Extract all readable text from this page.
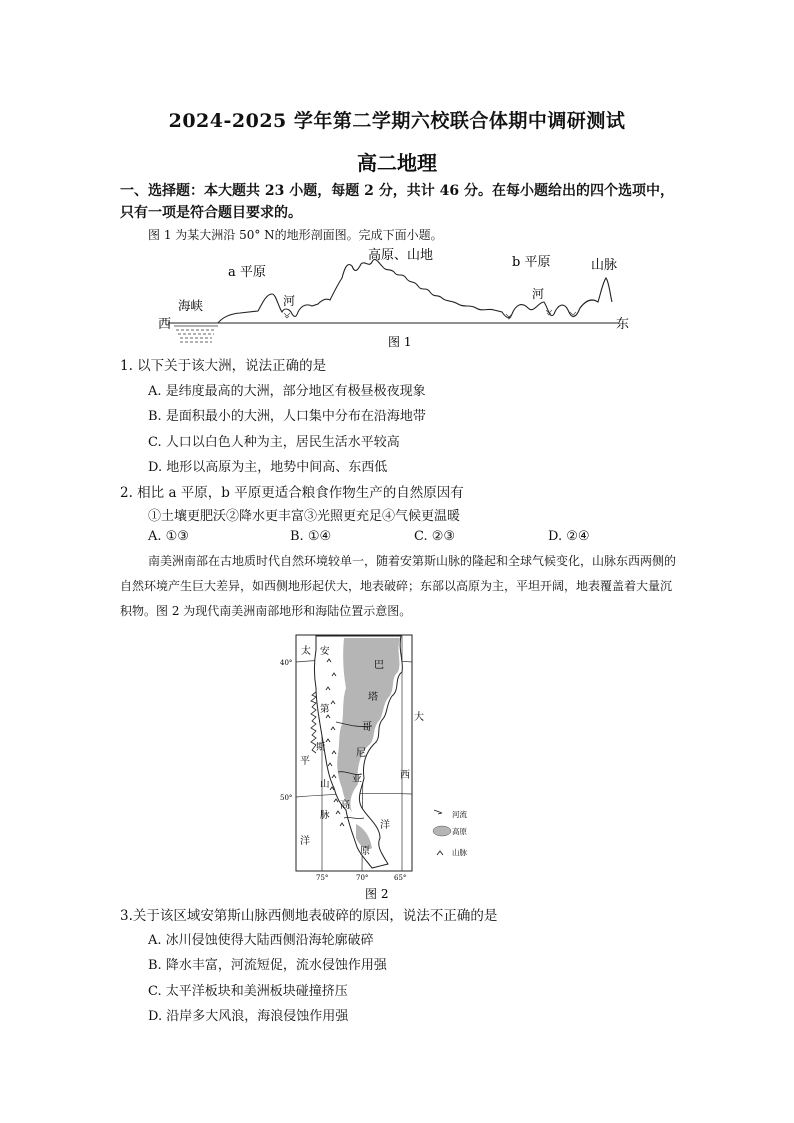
2024-2025 学年第二学期六校联合体期中调研测试
高二地理
一、选择题：本大题共 23 小题，每题 2 分，共计 46 分。在每小题给出的四个选项中，只有一项是符合题目要求的。
图 1 为某大洲沿 50° N的地形剖面图。完成下面小题。
西	东
海峡
a 平原
河
高原、山地	b 平原
河
山脉
图 1
1. 以下关于该大洲，说法正确的是
A. 是纬度最高的大洲，部分地区有极昼极夜现象
B. 是面积最小的大洲，人口集中分布在沿海地带
C. 人口以白色人种为主，居民生活水平较高
D. 地形以高原为主，地势中间高、东西低
2. 相比 a 平原，b 平原更适合粮食作物生产的自然原因有
①土壤更肥沃②降水更丰富③光照更充足④气候更温暖
A. ①③	B. ①④	C. ②③	D. ②④
南美洲南部在古地质时代自然环境较单一，随着安第斯山脉的隆起和全球气候变化，山脉东西两侧的自然环境产生巨大差异，如西侧地形起伏大，地表破碎；东部以高原为主，平坦开阔，地表覆盖着大量沉积物。图 2 为现代南美洲南部地形和海陆位置示意图。
40°
50°
75°	70°	65°
太
平
洋
安
第
斯
山
脉
巴
塔
哥
尼
亚
高
原
大
西
洋
河流
高原
山脉
图 2
3.关于该区域安第斯山脉西侧地表破碎的原因，说法不正确的是
A. 冰川侵蚀使得大陆西侧沿海轮廓破碎
B. 降水丰富，河流短促，流水侵蚀作用强
C. 太平洋板块和美洲板块碰撞挤压
D. 沿岸多大风浪，海浪侵蚀作用强
